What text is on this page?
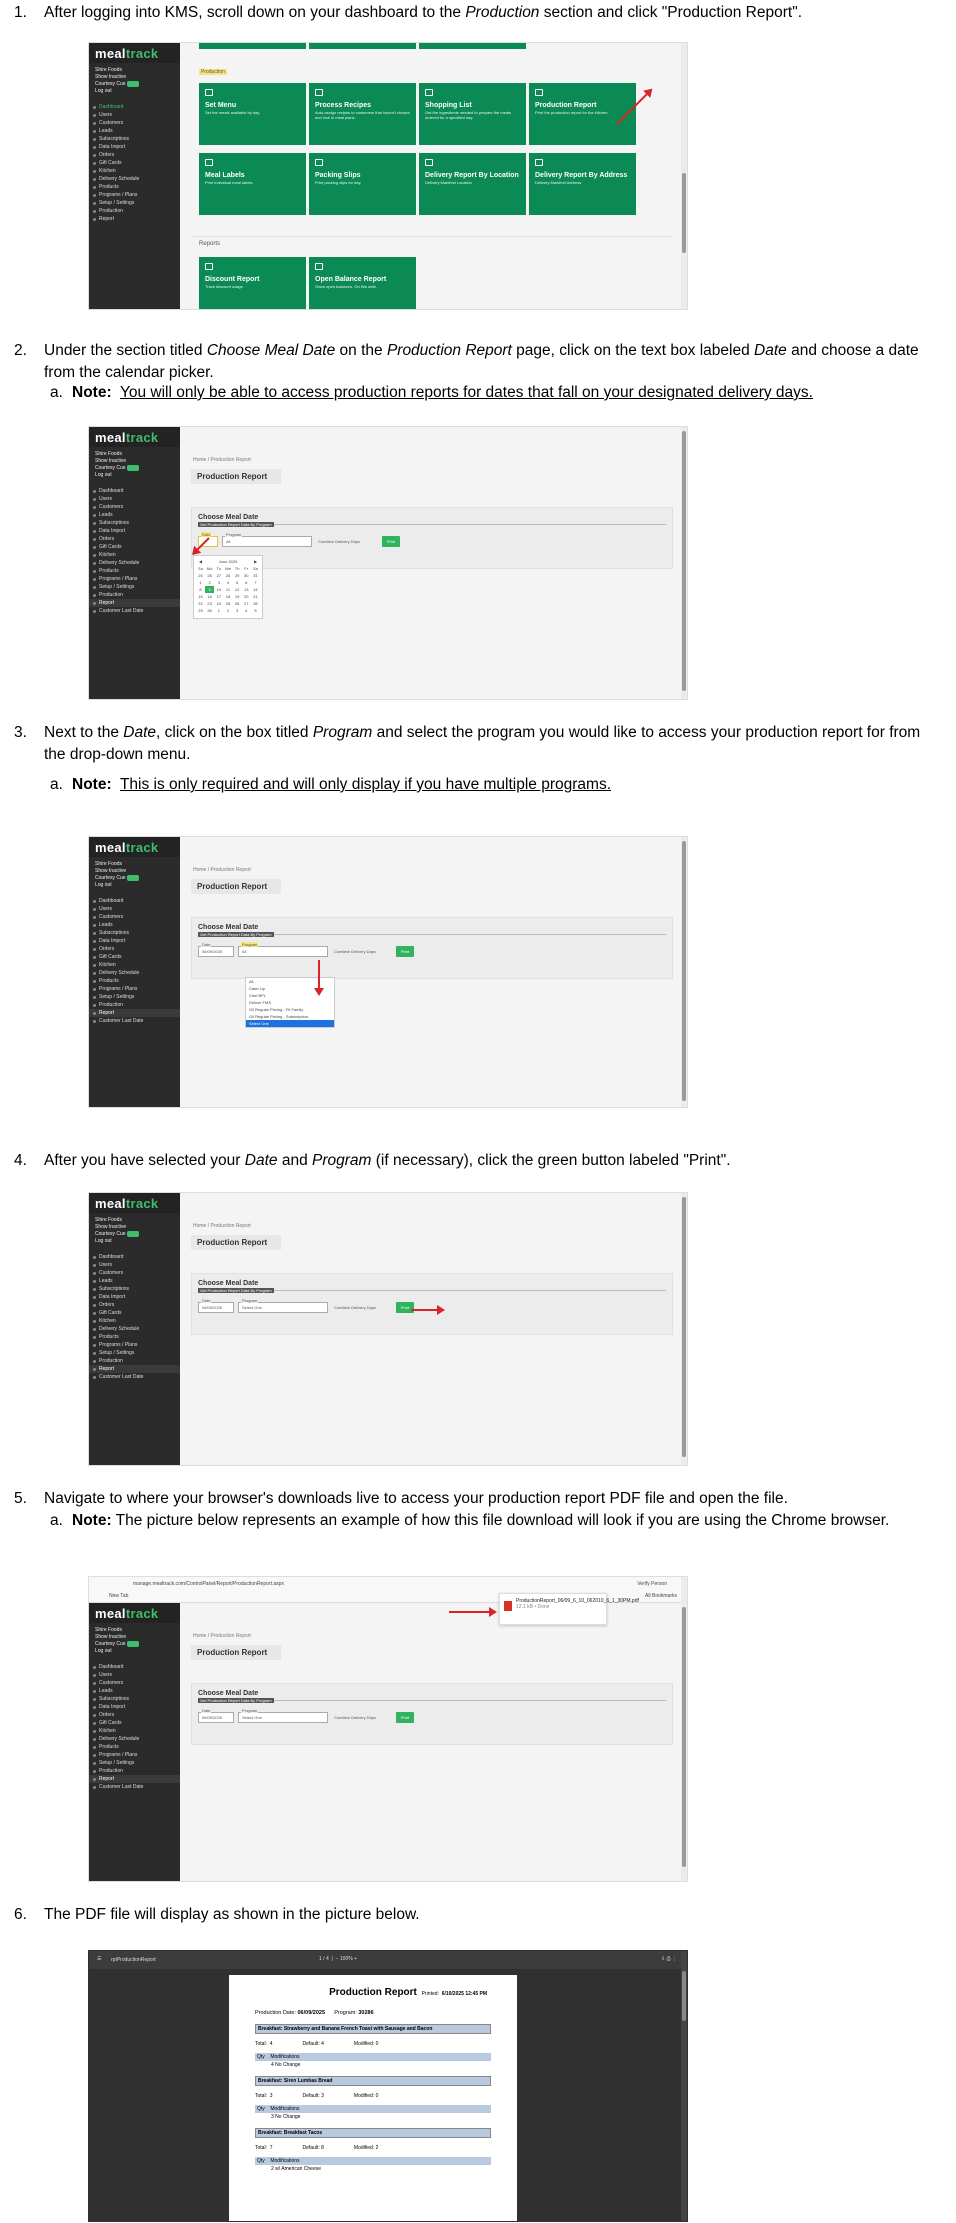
1. After logging into KMS, scroll down on your dashboard to the Production section and click "Production Report".
mealtrack
Shire Foods
Show Inactive
Courtesy Cue
Log out
Dashboard
Users
Customers
Leads
Subscriptions
Data Import
Orders
Gift Cards
Kitchen
Delivery Schedule
Products
Programs / Plans
Setup / Settings
Production
Report
Production
Set Menu
Set the meals available by day.
Process Recipes
Auto-assign recipes to customers that haven't chosen and lock in meal plans.
Shopping List
Get the ingredients needed to prepare the meals ordered for a specified day.
Production Report
Print the production report for the kitchen.
Meal Labels
Print individual meal labels.
Packing Slips
Print packing slips for day.
Delivery Report By Location
Delivery Manifest Location
Delivery Report By Address
Delivery Manifest Address
Discount Report
Track discount usage.
Open Balance Report
Show open balances. On this date.
Reports
2. Under the section titled Choose Meal Date on the Production Report page, click on the text box labeled Date and choose a date from the calendar picker.
a. Note: You will only be able to access production reports for dates that fall on your designated delivery days.
mealtrack
Shire Foods
Show Inactive
Courtesy Cue
Log out
Dashboard
Users
Customers
Leads
Subscriptions
Data Import
Orders
Gift Cards
Kitchen
Delivery Schedule
Products
Programs / Plans
Setup / Settings
Production
Report
Customer Last Date
Home / Production Report
Production Report
Choose Meal Date
Get Production Report Data By Program
Date	Program
All	Combine Delivery Days	Print
◀	June 2025	▶
Su Mo	Tu We Th	Fr	Sa
25	26	27	28	29	30	31
1	2	3	4	5	6	7
8	9	10	11	12	13	14
15	16	17	18	19	20	21
22	23	24	25	26	27	28
29	30	1	2	3	4	5
3. Next to the Date, click on the box titled Program and select the program you would like to access your production report for from the drop-down menu.
a. Note: This is only required and will only display if you have multiple programs.
mealtrack
Shire Foods
Show Inactive
Courtesy Cue
Log out
Dashboard
Users
Customers
Leads
Subscriptions
Data Import
Orders
Gift Cards
Kitchen
Delivery Schedule
Products
Programs / Plans
Setup / Settings
Production
Report
Customer Last Date
Home / Production Report
Production Report
Choose Meal Date
Get Production Report Data By Program
Date
06/09/2025
Program
All	Combine Delivery Days	Print
All
Cater Up
Chef BPL
Deliver FMS
Gil Regular Pricing - Fit Family
Gil Regular Pricing - Subscription
Select One
4. After you have selected your Date and Program (if necessary), click the green button labeled "Print".
mealtrack
Shire Foods
Show Inactive
Courtesy Cue
Log out
Dashboard
Users
Customers
Leads
Subscriptions
Data Import
Orders
Gift Cards
Kitchen
Delivery Schedule
Products
Programs / Plans
Setup / Settings
Production
Report
Customer Last Date
Home / Production Report
Production Report
Choose Meal Date
Get Production Report Data By Program
Date
06/09/2025
Program
Select One	Combine Delivery Days	Print
5. Navigate to where your browser's downloads live to access your production report PDF file and open the file.
a. Note: The picture below represents an example of how this file download will look if you are using the Chrome browser.
manage.mealtrack.com/ControlPanel/Report/ProductionReport.aspx
New Tab
Verify Person
All Bookmarks
ProductionReport_06/09_6_10_062010_6_1_30PM.pdf
12.1 kB • Done
mealtrack
Shire Foods
Show Inactive
Courtesy Cue
Log out
Dashboard
Users
Customers
Leads
Subscriptions
Data Import
Orders
Gift Cards
Kitchen
Delivery Schedule
Products
Programs / Plans
Setup / Settings
Production
Report
Customer Last Date
Home / Production Report
Production Report
Choose Meal Date
Get Production Report Data By Program
Date
06/09/2025
Program
Select One	Combine Delivery Days	Print
6. The PDF file will display as shown in the picture below.
☰ rptProductionReport	1 / 4  |  − 100% +	⇩ ⎙ ⋮
Production Report Printed: 6/10/2025 12:45 PM
Production Date: 06/09/2025 Program: 30286
Breakfast: Strawberry and Banana French Toast with Sausage and Bacon
Total: 4	Default: 4	Modified: 0
Qty Modifications
4 No Change
Breakfast: Siren Lumbas Bread
Total: 3	Default: 3	Modified: 0
Qty Modifications
3 No Change
Breakfast: Breakfast Tacos
Total: 7	Default: 8	Modified: 2
Qty Modifications
2 w/ American Cheese
